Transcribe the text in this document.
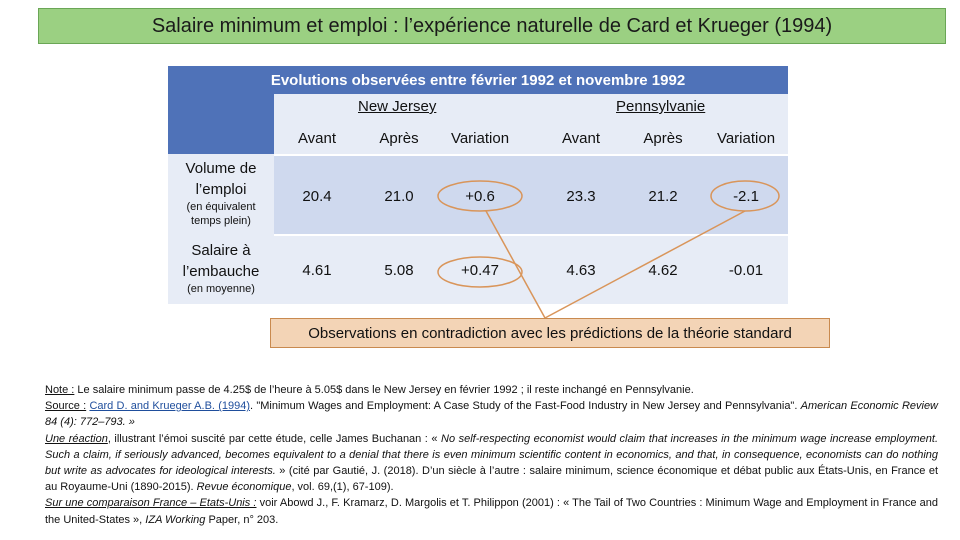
Salaire minimum et emploi : l’expérience naturelle de Card et Krueger (1994)
Evolutions observées entre février 1992 et novembre 1992
New Jersey	Pennsylvanie
Avant	Après	Variation	Avant	Après	Variation
Volume de l’emploi
(en équivalent temps plein)
20.4	21.0	+0.6	23.3	21.2	-2.1
Salaire à l’embauche
(en moyenne)
4.61	5.08	+0.47	4.63	4.62	-0.01
Observations en contradiction avec les prédictions de la théorie standard
Note : Le salaire minimum passe de 4.25$ de l’heure à 5.05$ dans le New Jersey en février 1992 ; il reste inchangé en Pennsylvanie.
Source : Card D. and Krueger A.B. (1994). "Minimum Wages and Employment: A Case Study of the Fast-Food Industry in New Jersey and Pennsylvania". American Economic Review 84 (4): 772–793. »
Une réaction, illustrant l’émoi suscité par cette étude, celle James Buchanan : « No self-respecting economist would claim that increases in the minimum wage increase employment. Such a claim, if seriously advanced, becomes equivalent to a denial that there is even minimum scientific content in economics, and that, in consequence, economists can do nothing but write as advocates for ideological interests. » (cité par Gautié, J. (2018). D’un siècle à l’autre : salaire minimum, science économique et débat public aux États-Unis, en France et au Royaume-Uni (1890-2015). Revue économique, vol. 69,(1), 67-109).
Sur une comparaison France – Etats-Unis : voir Abowd J., F. Kramarz, D. Margolis et T. Philippon (2001) : « The Tail of Two Countries : Minimum Wage and Employment in France and the United-States », IZA Working Paper, n° 203.
